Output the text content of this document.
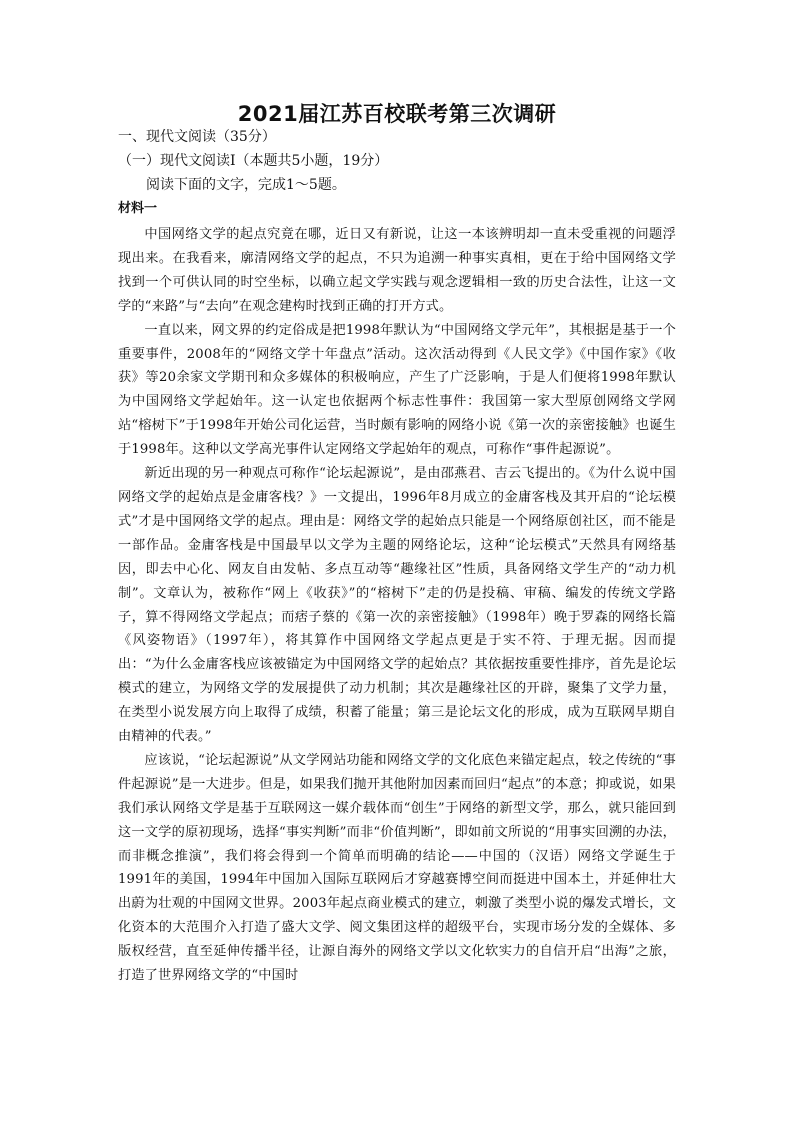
2021届江苏百校联考第三次调研
一、现代文阅读（35分）
（一）现代文阅读Ⅰ（本题共5小题，19分）
阅读下面的文字，完成1～5题。
材料一

中国网络文学的起点究竟在哪，近日又有新说，让这一本该辨明却一直未受重视的问题浮现出来。在我看来，廓清网络文学的起点，不只为追溯一种事实真相，更在于给中国网络文学找到一个可供认同的时空坐标，以确立起文学实践与观念逻辑相一致的历史合法性，让这一文学的“来路”与“去向”在观念建构时找到正确的打开方式。

一直以来，网文界的约定俗成是把1998年默认为“中国网络文学元年”，其根据是基于一个重要事件，2008年的“网络文学十年盘点”活动。这次活动得到《人民文学》《中国作家》《收获》等20余家文学期刊和众多媒体的积极响应，产生了广泛影响，于是人们便将1998年默认为中国网络文学起始年。这一认定也依据两个标志性事件：我国第一家大型原创网络文学网站“榕树下”于1998年开始公司化运营，当时颇有影响的网络小说《第一次的亲密接触》也诞生于1998年。这种以文学高光事件认定网络文学起始年的观点，可称作“事件起源说”。

新近出现的另一种观点可称作“论坛起源说”，是由邵燕君、吉云飞提出的。《为什么说中国网络文学的起始点是金庸客栈？》一文提出，1996年8月成立的金庸客栈及其开启的“论坛模式”才是中国网络文学的起点。理由是：网络文学的起始点只能是一个网络原创社区，而不能是一部作品。金庸客栈是中国最早以文学为主题的网络论坛，这种“论坛模式”天然具有网络基因，即去中心化、网友自由发帖、多点互动等“趣缘社区”性质，具备网络文学生产的“动力机制”。文章认为，被称作“网上《收获》”的“榕树下”走的仍是投稿、审稿、编发的传统文学路子，算不得网络文学起点；而痞子蔡的《第一次的亲密接触》（1998年）晚于罗森的网络长篇《风姿物语》（1997年），将其算作中国网络文学起点更是于实不符、于理无据。因而提出：“为什么金庸客栈应该被锚定为中国网络文学的起始点？其依据按重要性排序，首先是论坛模式的建立，为网络文学的发展提供了动力机制；其次是趣缘社区的开辟，聚集了文学力量，在类型小说发展方向上取得了成绩，积蓄了能量；第三是论坛文化的形成，成为互联网早期自由精神的代表。”

应该说，“论坛起源说”从文学网站功能和网络文学的文化底色来锚定起点，较之传统的“事件起源说”是一大进步。但是，如果我们抛开其他附加因素而回归“起点”的本意；抑或说，如果我们承认网络文学是基于互联网这一媒介载体而“创生”于网络的新型文学，那么，就只能回到这一文学的原初现场，选择“事实判断”而非“价值判断”，即如前文所说的“用事实回溯的办法，而非概念推演”，我们将会得到一个简单而明确的结论——中国的（汉语）网络文学诞生于1991年的美国，1994年中国加入国际互联网后才穿越赛博空间而挺进中国本土，并延伸壮大出蔚为壮观的中国网文世界。2003年起点商业模式的建立，刺激了类型小说的爆发式增长，文化资本的大范围介入打造了盛大文学、阅文集团这样的超级平台，实现市场分发的全媒体、多版权经营，直至延伸传播半径，让源自海外的网络文学以文化软实力的自信开启“出海”之旅，打造了世界网络文学的“中国时
